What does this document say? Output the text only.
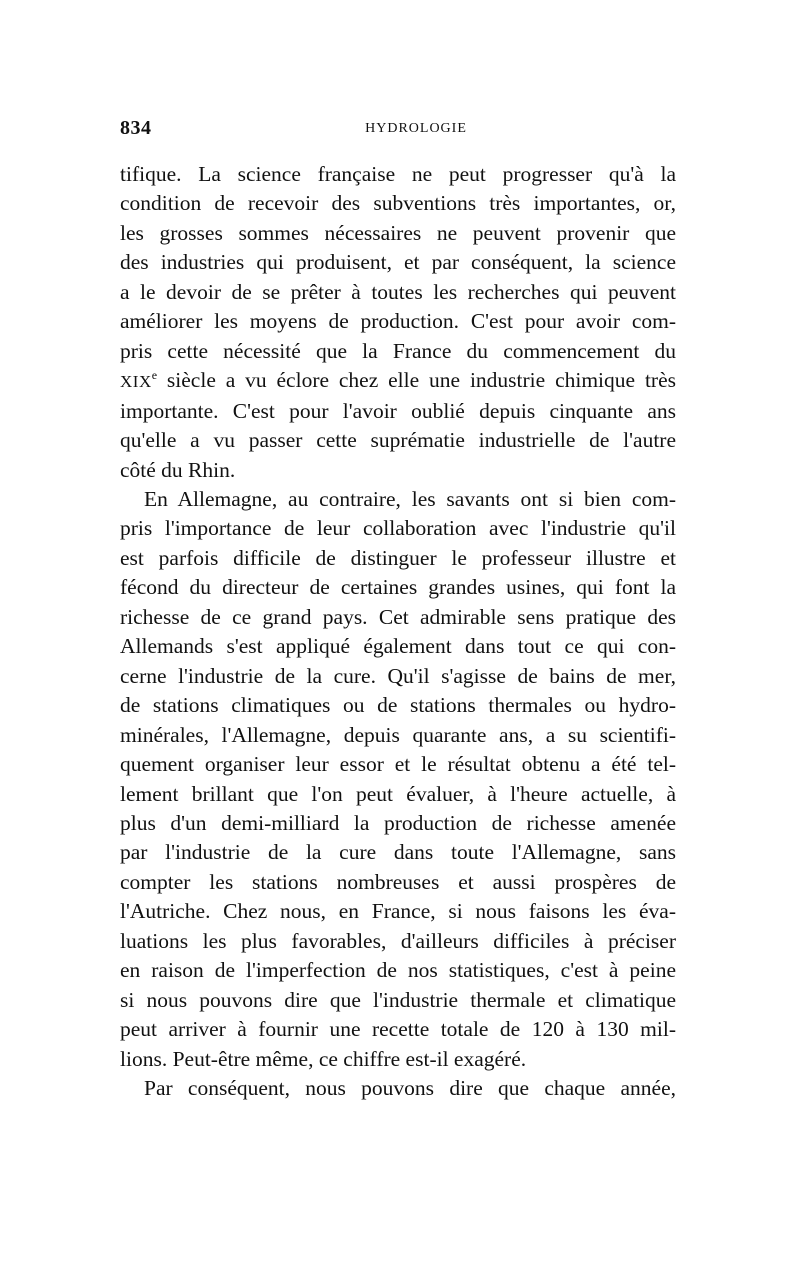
834	HYDROLOGIE

tifique. La science française ne peut progresser qu'à la

condition de recevoir des subventions très importantes, or,

les grosses sommes nécessaires ne peuvent provenir que

des industries qui produisent, et par conséquent, la science

a le devoir de se prêter à toutes les recherches qui peuvent

améliorer les moyens de production. C'est pour avoir com-

pris cette nécessité que la France du commencement du

XIXe siècle a vu éclore chez elle une industrie chimique très

importante. C'est pour l'avoir oublié depuis cinquante ans

qu'elle a vu passer cette suprématie industrielle de l'autre

côté du Rhin.

En Allemagne, au contraire, les savants ont si bien com-

pris l'importance de leur collaboration avec l'industrie qu'il

est parfois difficile de distinguer le professeur illustre et

fécond du directeur de certaines grandes usines, qui font la

richesse de ce grand pays. Cet admirable sens pratique des

Allemands s'est appliqué également dans tout ce qui con-

cerne l'industrie de la cure. Qu'il s'agisse de bains de mer,

de stations climatiques ou de stations thermales ou hydro-

minérales, l'Allemagne, depuis quarante ans, a su scientifi-

quement organiser leur essor et le résultat obtenu a été tel-

lement brillant que l'on peut évaluer, à l'heure actuelle, à

plus d'un demi-milliard la production de richesse amenée

par l'industrie de la cure dans toute l'Allemagne, sans

compter les stations nombreuses et aussi prospères de

l'Autriche. Chez nous, en France, si nous faisons les éva-

luations les plus favorables, d'ailleurs difficiles à préciser

en raison de l'imperfection de nos statistiques, c'est à peine

si nous pouvons dire que l'industrie thermale et climatique

peut arriver à fournir une recette totale de 120 à 130 mil-

lions. Peut-être même, ce chiffre est-il exagéré.

Par conséquent, nous pouvons dire que chaque année,
